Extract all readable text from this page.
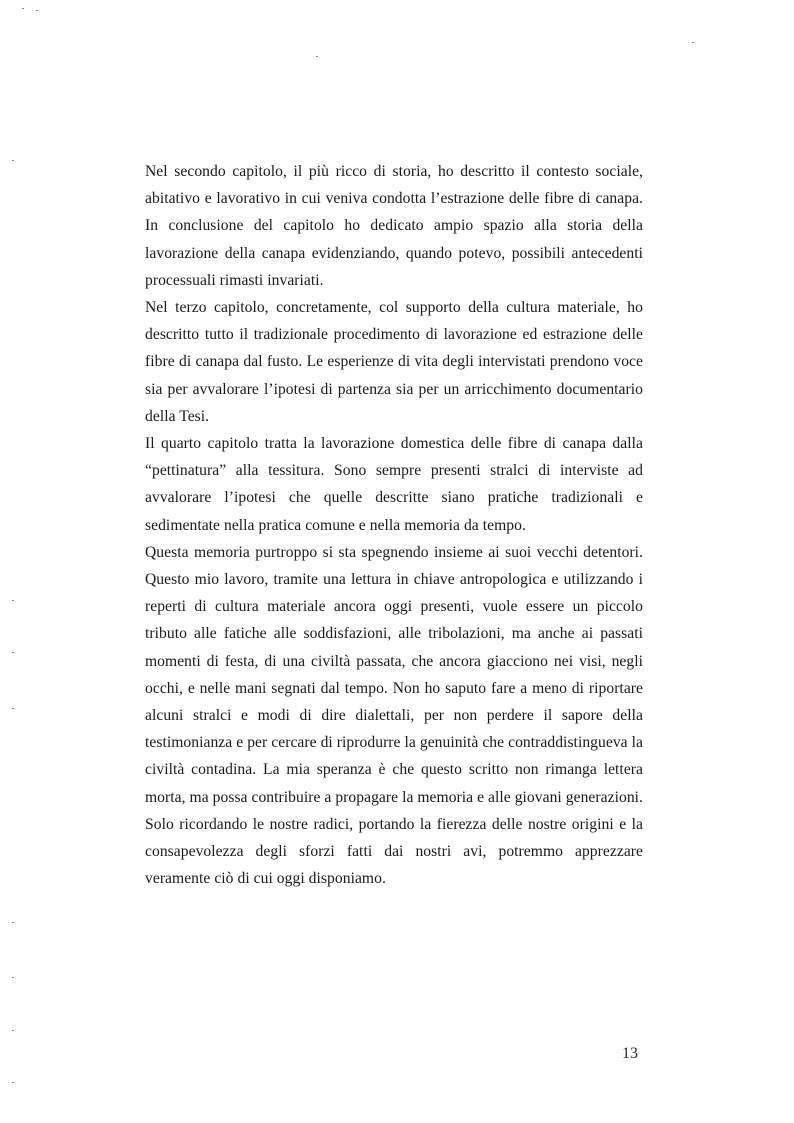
Nel secondo capitolo, il più ricco di storia, ho descritto il contesto sociale, abitativo e lavorativo in cui veniva condotta l’estrazione delle fibre di canapa. In conclusione del capitolo ho dedicato ampio spazio alla storia della lavorazione della canapa evidenziando, quando potevo, possibili antecedenti processuali rimasti invariati.

Nel terzo capitolo, concretamente, col supporto della cultura materiale, ho descritto tutto il tradizionale procedimento di lavorazione ed estrazione delle fibre di canapa dal fusto. Le esperienze di vita degli intervistati prendono voce sia per avvalorare l’ipotesi di partenza sia per un arricchimento documentario della Tesi.

Il quarto capitolo tratta la lavorazione domestica delle fibre di canapa dalla “pettinatura” alla tessitura. Sono sempre presenti stralci di interviste ad avvalorare l’ipotesi che quelle descritte siano pratiche tradizionali e sedimentate nella pratica comune e nella memoria da tempo.

Questa memoria purtroppo si sta spegnendo insieme ai suoi vecchi detentori. Questo mio lavoro, tramite una lettura in chiave antropologica e utilizzando i reperti di cultura materiale ancora oggi presenti, vuole essere un piccolo tributo alle fatiche alle soddisfazioni, alle tribolazioni, ma anche ai passati momenti di festa, di una civiltà passata, che ancora giacciono nei visi, negli occhi, e nelle mani segnati dal tempo. Non ho saputo fare a meno di riportare alcuni stralci e modi di dire dialettali, per non perdere il sapore della testimonianza e per cercare di riprodurre la genuinità che contraddistingueva la civiltà contadina. La mia speranza è che questo scritto non rimanga lettera morta, ma possa contribuire a propagare la memoria e alle giovani generazioni. Solo ricordando le nostre radici, portando la fierezza delle nostre origini e la consapevolezza degli sforzi fatti dai nostri avi, potremmo apprezzare veramente ciò di cui oggi disponiamo.

13
